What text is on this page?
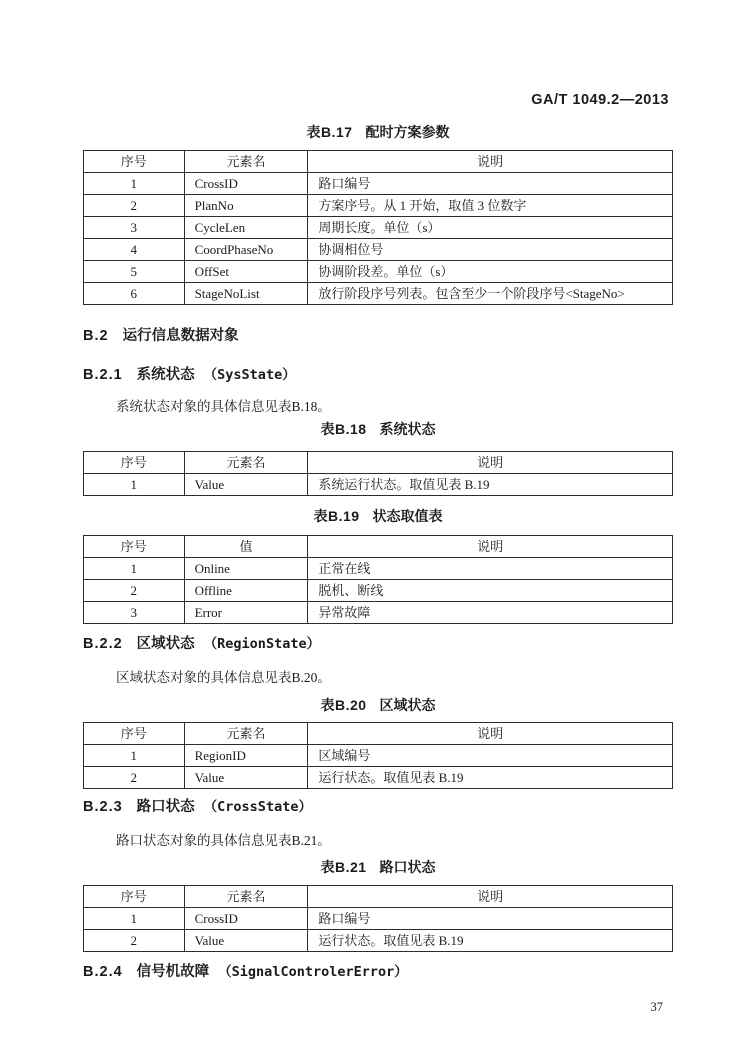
GA/T 1049.2—2013
表B.17 配时方案参数
序号	元素名	说明
1	CrossID	路口编号
2	PlanNo	方案序号。从 1 开始，取值 3 位数字
3	CycleLen	周期长度。单位（s）
4	CoordPhaseNo	协调相位号
5	OffSet	协调阶段差。单位（s）
6	StageNoList	放行阶段序号列表。包含至少一个阶段序号<StageNo>
B.2 运行信息数据对象
B.2.1 系统状态 （SysState）

系统状态对象的具体信息见表B.18。

表B.18 系统状态
序号	元素名	说明
1	Value	系统运行状态。取值见表 B.19
表B.19 状态取值表
序号	值	说明
1	Online	正常在线
2	Offline	脱机、断线
3	Error	异常故障
B.2.2 区域状态 （RegionState）

区域状态对象的具体信息见表B.20。

表B.20 区域状态
序号	元素名	说明
1	RegionID	区域编号
2	Value	运行状态。取值见表 B.19
B.2.3 路口状态 （CrossState）

路口状态对象的具体信息见表B.21。

表B.21 路口状态
序号	元素名	说明
1	CrossID	路口编号
2	Value	运行状态。取值见表 B.19
B.2.4 信号机故障 （SignalControlerError）
37
